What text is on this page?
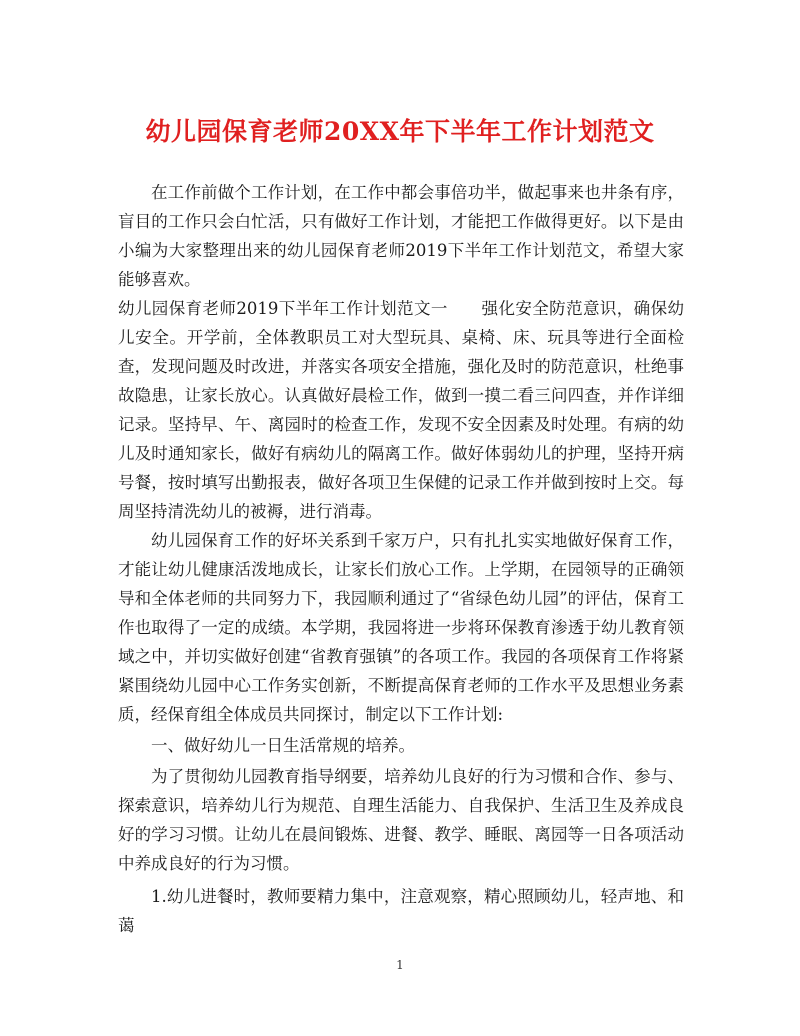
幼儿园保育老师20XX年下半年工作计划范文

在工作前做个工作计划，在工作中都会事倍功半，做起事来也井条有序，盲目的工作只会白忙活，只有做好工作计划，才能把工作做得更好。以下是由小编为大家整理出来的幼儿园保育老师2019下半年工作计划范文，希望大家能够喜欢。

幼儿园保育老师2019下半年工作计划范文一　　强化安全防范意识，确保幼儿安全。开学前，全体教职员工对大型玩具、桌椅、床、玩具等进行全面检查，发现问题及时改进，并落实各项安全措施，强化及时的防范意识，杜绝事故隐患，让家长放心。认真做好晨检工作，做到一摸二看三问四查，并作详细记录。坚持早、午、离园时的检查工作，发现不安全因素及时处理。有病的幼儿及时通知家长，做好有病幼儿的隔离工作。做好体弱幼儿的护理，坚持开病号餐，按时填写出勤报表，做好各项卫生保健的记录工作并做到按时上交。每周坚持清洗幼儿的被褥，进行消毒。

幼儿园保育工作的好坏关系到千家万户，只有扎扎实实地做好保育工作，才能让幼儿健康活泼地成长，让家长们放心工作。上学期，在园领导的正确领导和全体老师的共同努力下，我园顺利通过了“省绿色幼儿园”的评估，保育工作也取得了一定的成绩。本学期，我园将进一步将环保教育渗透于幼儿教育领域之中，并切实做好创建“省教育强镇”的各项工作。我园的各项保育工作将紧紧围绕幼儿园中心工作务实创新，不断提高保育老师的工作水平及思想业务素质，经保育组全体成员共同探讨，制定以下工作计划:

一、做好幼儿一日生活常规的培养。

为了贯彻幼儿园教育指导纲要，培养幼儿良好的行为习惯和合作、参与、探索意识，培养幼儿行为规范、自理生活能力、自我保护、生活卫生及养成良好的学习习惯。让幼儿在晨间锻炼、进餐、教学、睡眠、离园等一日各项活动中养成良好的行为习惯。

1.幼儿进餐时，教师要精力集中，注意观察，精心照顾幼儿，轻声地、和蔼

1
